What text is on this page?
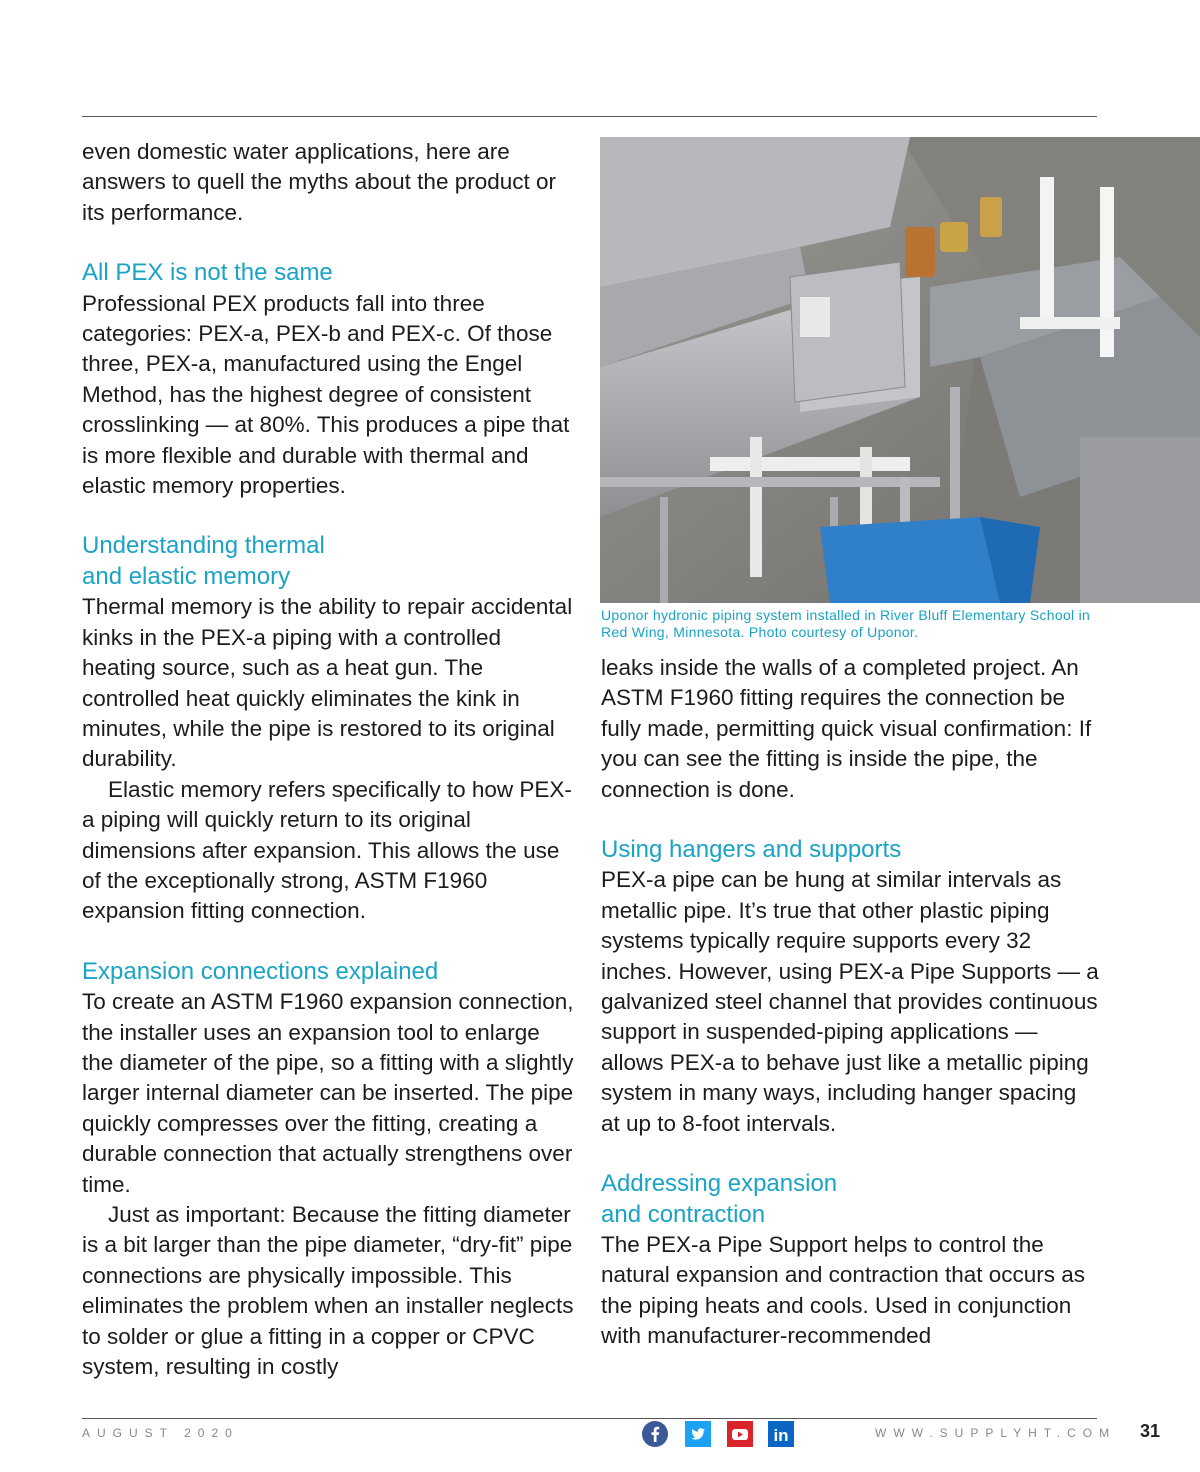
even domestic water applications, here are answers to quell the myths about the product or its performance.

All PEX is not the same

Professional PEX products fall into three categories: PEX-a, PEX-b and PEX-c. Of those three, PEX-a, manufactured using the Engel Method, has the highest degree of consistent crosslinking — at 80%. This produces a pipe that is more flexible and durable with thermal and elastic memory properties.

Understanding thermal
and elastic memory

Thermal memory is the ability to repair accidental kinks in the PEX-a piping with a controlled heating source, such as a heat gun. The controlled heat quickly eliminates the kink in minutes, while the pipe is restored to its original durability.

Elastic memory refers specifically to how PEX-a piping will quickly return to its original dimensions after expansion. This allows the use of the exceptionally strong, ASTM F1960 expansion fitting connection.

Expansion connections explained

To create an ASTM F1960 expansion connection, the installer uses an expansion tool to enlarge the diameter of the pipe, so a fitting with a slightly larger internal diameter can be inserted. The pipe quickly compresses over the fitting, creating a durable connection that actually strengthens over time.

Just as important: Because the fitting diameter is a bit larger than the pipe diameter, “dry-fit” pipe connections are physically impossible. This eliminates the problem when an installer neglects to solder or glue a fitting in a copper or CPVC system, resulting in costly

Uponor hydronic piping system installed in River Bluff Elementary School in Red Wing, Minnesota. Photo courtesy of Uponor.

leaks inside the walls of a completed project. An ASTM F1960 fitting requires the connection be fully made, permitting quick visual confirmation: If you can see the fitting is inside the pipe, the connection is done.

Using hangers and supports

PEX-a pipe can be hung at similar intervals as metallic pipe. It’s true that other plastic piping systems typically require supports every 32 inches. However, using PEX-a Pipe Supports — a galvanized steel channel that provides continuous support in suspended-piping applications — allows PEX-a to behave just like a metallic piping system in many ways, including hanger spacing at up to 8-foot intervals.

Addressing expansion
and contraction

The PEX-a Pipe Support helps to control the natural expansion and contraction that occurs as the piping heats and cools. Used in conjunction with manufacturer-recommended

AUGUST 2020	in	WWW.SUPPLYHT.COM 31
